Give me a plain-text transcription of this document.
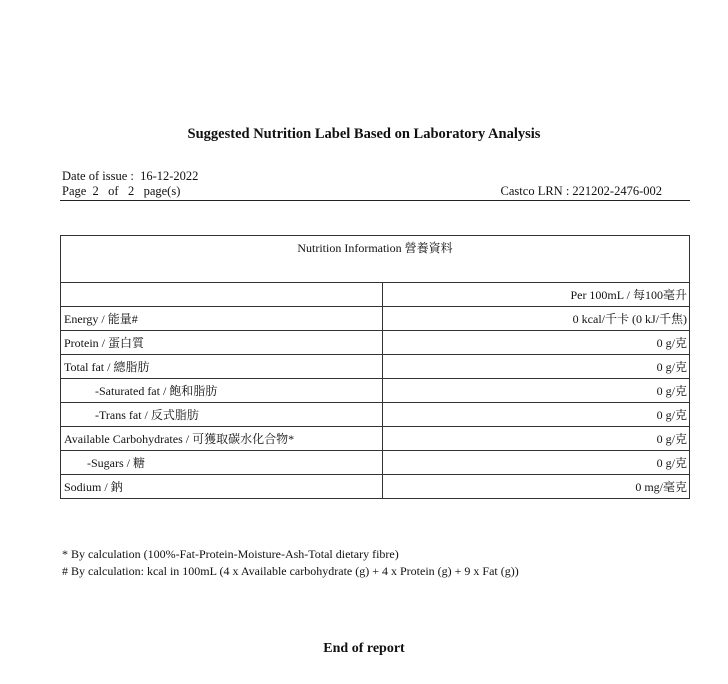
Suggested Nutrition Label Based on Laboratory Analysis
Date of issue : 16-12-2022
Page  2   of   2   page(s)	Castco LRN : 221202-2476-002
Nutrition Information 營養資料	
	Per 100mL / 每100毫升
Energy / 能量#	0 kcal/千卡 (0 kJ/千焦)
Protein / 蛋白質	0 g/克
Total fat / 總脂肪	0 g/克
-Saturated fat / 飽和脂肪	0 g/克
-Trans fat / 反式脂肪	0 g/克
Available Carbohydrates / 可獲取碳水化合物*	0 g/克
-Sugars / 糖	0 g/克
Sodium / 鈉	0 mg/毫克
* By calculation (100%-Fat-Protein-Moisture-Ash-Total dietary fibre)
# By calculation: kcal in 100mL (4 x Available carbohydrate (g) + 4 x Protein (g) + 9 x Fat (g))
End of report
